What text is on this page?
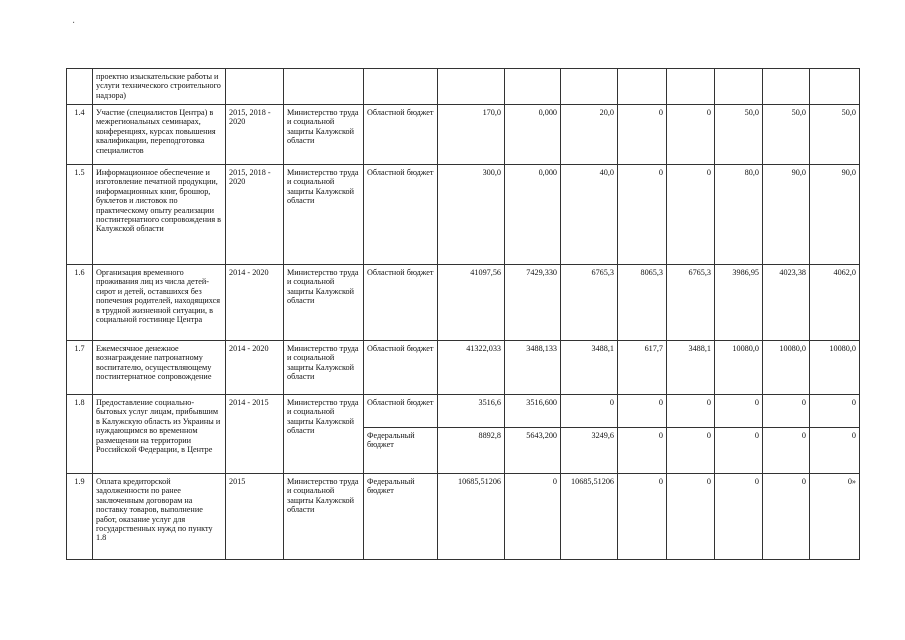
·
	проектно изыскательские работы и услуги технического строительного надзора)											
1.4	Участие (специалистов Центра) в межрегиональных семинарах, конференциях, курсах повышения квалификации, переподготовка специалистов	2015, 2018 - 2020	Министерство труда и социальной защиты Калужской области	Областной бюджет	170,0	0,000	20,0	0	0	50,0	50,0	50,0
1.5	Информационное обеспечение и изготовление печатной продукции, информационных книг, брошюр, буклетов и листовок по практическому опыту реализации постинтернатного сопровождения в Калужской области	2015, 2018 - 2020	Министерство труда и социальной защиты Калужской области	Областной бюджет	300,0	0,000	40,0	0	0	80,0	90,0	90,0
1.6	Организация временного проживания лиц из числа детей-сирот и детей, оставшихся без попечения родителей, находящихся в трудной жизненной ситуации, в социальной гостинице Центра	2014 - 2020	Министерство труда и социальной защиты Калужской области	Областной бюджет	41097,56	7429,330	6765,3	8065,3	6765,3	3986,95	4023,38	4062,0
1.7	Ежемесячное денежное вознаграждение патронатному воспитателю, осуществляющему постинтернатное сопровождение	2014 - 2020	Министерство труда и социальной защиты Калужской области	Областной бюджет	41322,033	3488,133	3488,1	617,7	3488,1	10080,0	10080,0	10080,0
1.8	Предоставление социально-бытовых услуг лицам, прибывшим в Калужскую область из Украины и нуждающимся во временном размещении на территории Российской Федерации, в Центре	2014 - 2015	Министерство труда и социальной защиты Калужской области	Областной бюджет	3516,6	3516,600	0	0	0	0	0	0
				Федеральный бюджет	8892,8	5643,200	3249,6	0	0	0	0	0
1.9	Оплата кредиторской задолженности по ранее заключенным договорам на поставку товаров, выполнение работ, оказание услуг для государственных нужд по пункту 1.8	2015	Министерство труда и социальной защиты Калужской области	Федеральный бюджет	10685,51206	0	10685,51206	0	0	0	0	0»
